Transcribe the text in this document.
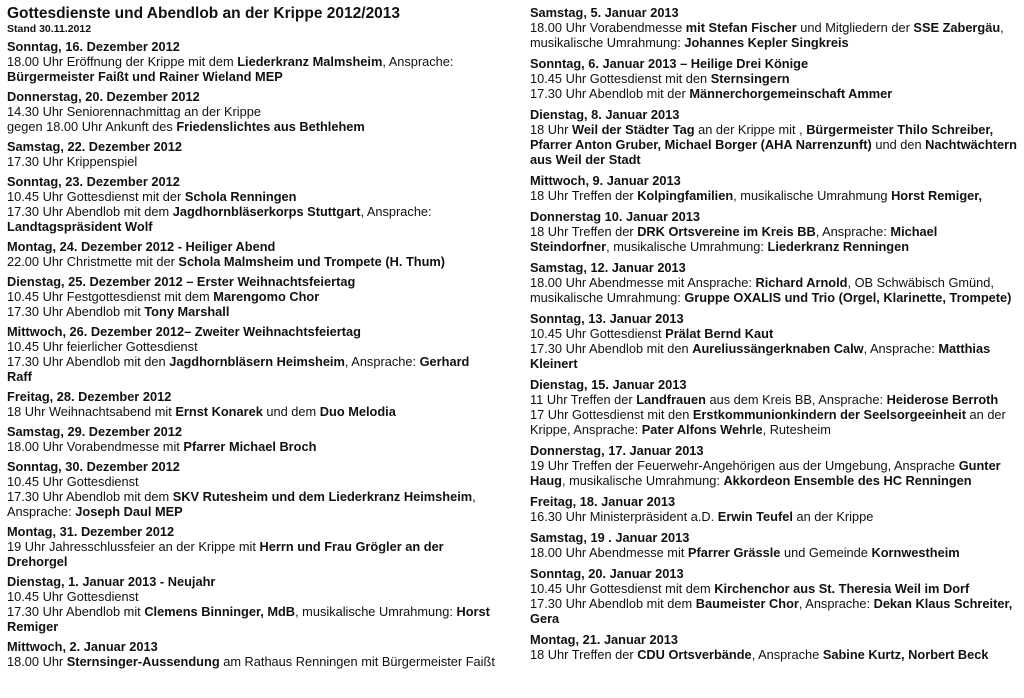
Gottesdienste und Abendlob an der Krippe 2012/2013
Stand 30.11.2012
Sonntag, 16. Dezember 2012
18.00 Uhr Eröffnung der Krippe mit dem Liederkranz Malmsheim, Ansprache:
Bürgermeister Faißt und Rainer Wieland MEP
Donnerstag, 20. Dezember 2012
14.30 Uhr Seniorennachmittag an der Krippe
gegen 18.00 Uhr Ankunft des Friedenslichtes aus Bethlehem
Samstag, 22. Dezember 2012
17.30 Uhr Krippenspiel
Sonntag, 23. Dezember 2012
10.45 Uhr Gottesdienst mit der Schola Renningen
17.30 Uhr Abendlob mit dem Jagdhornbläserkorps Stuttgart, Ansprache:
Landtagspräsident Wolf
Montag, 24. Dezember 2012 - Heiliger Abend
22.00 Uhr Christmette mit der Schola Malmsheim und Trompete (H. Thum)
Dienstag, 25. Dezember 2012 – Erster Weihnachtsfeiertag
10.45 Uhr Festgottesdienst mit dem Marengomo Chor
17.30 Uhr Abendlob mit Tony Marshall
Mittwoch, 26. Dezember 2012– Zweiter Weihnachtsfeiertag
10.45 Uhr feierlicher Gottesdienst
17.30 Uhr Abendlob mit den Jagdhornbläsern Heimsheim, Ansprache: Gerhard
Raff
Freitag, 28. Dezember 2012
18 Uhr Weihnachtsabend mit Ernst Konarek und dem Duo Melodia
Samstag, 29. Dezember 2012
18.00 Uhr Vorabendmesse mit Pfarrer Michael Broch
Sonntag, 30. Dezember 2012
10.45 Uhr Gottesdienst
17.30 Uhr Abendlob mit dem SKV Rutesheim und dem Liederkranz Heimsheim,
Ansprache: Joseph Daul MEP
Montag, 31. Dezember 2012
19 Uhr Jahresschlussfeier an der Krippe mit Herrn und Frau Grögler an der
Drehorgel
Dienstag, 1. Januar 2013 - Neujahr
10.45 Uhr Gottesdienst
17.30 Uhr Abendlob mit Clemens Binninger, MdB, musikalische Umrahmung: Horst
Remiger
Mittwoch, 2. Januar 2013
18.00 Uhr Sternsinger-Aussendung am Rathaus Renningen mit Bürgermeister Faißt
Samstag, 5. Januar 2013
18.00 Uhr Vorabendmesse mit Stefan Fischer und Mitgliedern der SSE Zabergäu,
musikalische Umrahmung: Johannes Kepler Singkreis
Sonntag, 6. Januar 2013 – Heilige Drei Könige
10.45 Uhr Gottesdienst mit den Sternsingern
17.30 Uhr Abendlob mit der Männerchorgemeinschaft Ammer
Dienstag, 8. Januar 2013
18 Uhr Weil der Städter Tag an der Krippe mit , Bürgermeister Thilo Schreiber,
Pfarrer Anton Gruber, Michael Borger (AHA Narrenzunft) und den Nachtwächtern
aus Weil der Stadt
Mittwoch, 9. Januar 2013
18 Uhr Treffen der Kolpingfamilien, musikalische Umrahmung Horst Remiger,
Donnerstag 10. Januar 2013
18 Uhr Treffen der DRK Ortsvereine im Kreis BB, Ansprache: Michael
Steindorfner, musikalische Umrahmung: Liederkranz Renningen
Samstag, 12. Januar 2013
18.00 Uhr Abendmesse mit Ansprache: Richard Arnold, OB Schwäbisch Gmünd,
musikalische Umrahmung: Gruppe OXALIS und Trio (Orgel, Klarinette, Trompete)
Sonntag, 13. Januar 2013
10.45 Uhr Gottesdienst Prälat Bernd Kaut
17.30 Uhr Abendlob mit den Aureliussängerknaben Calw, Ansprache: Matthias
Kleinert
Dienstag, 15. Januar 2013
11 Uhr Treffen der Landfrauen aus dem Kreis BB, Ansprache: Heiderose Berroth
17 Uhr Gottesdienst mit den Erstkommunionkindern der Seelsorgeeinheit an der
Krippe, Ansprache: Pater Alfons Wehrle, Rutesheim
Donnerstag, 17. Januar 2013
19 Uhr Treffen der Feuerwehr-Angehörigen aus der Umgebung, Ansprache Gunter
Haug, musikalische Umrahmung: Akkordeon Ensemble des HC Renningen
Freitag, 18. Januar 2013
16.30 Uhr Ministerpräsident a.D. Erwin Teufel an der Krippe
Samstag, 19 . Januar 2013
18.00 Uhr Abendmesse mit Pfarrer Grässle und Gemeinde Kornwestheim
Sonntag, 20. Januar 2013
10.45 Uhr Gottesdienst mit dem Kirchenchor aus St. Theresia Weil im Dorf
17.30 Uhr Abendlob mit dem Baumeister Chor, Ansprache: Dekan Klaus Schreiter,
Gera
Montag, 21. Januar 2013
18 Uhr Treffen der CDU Ortsverbände, Ansprache Sabine Kurtz, Norbert Beck
